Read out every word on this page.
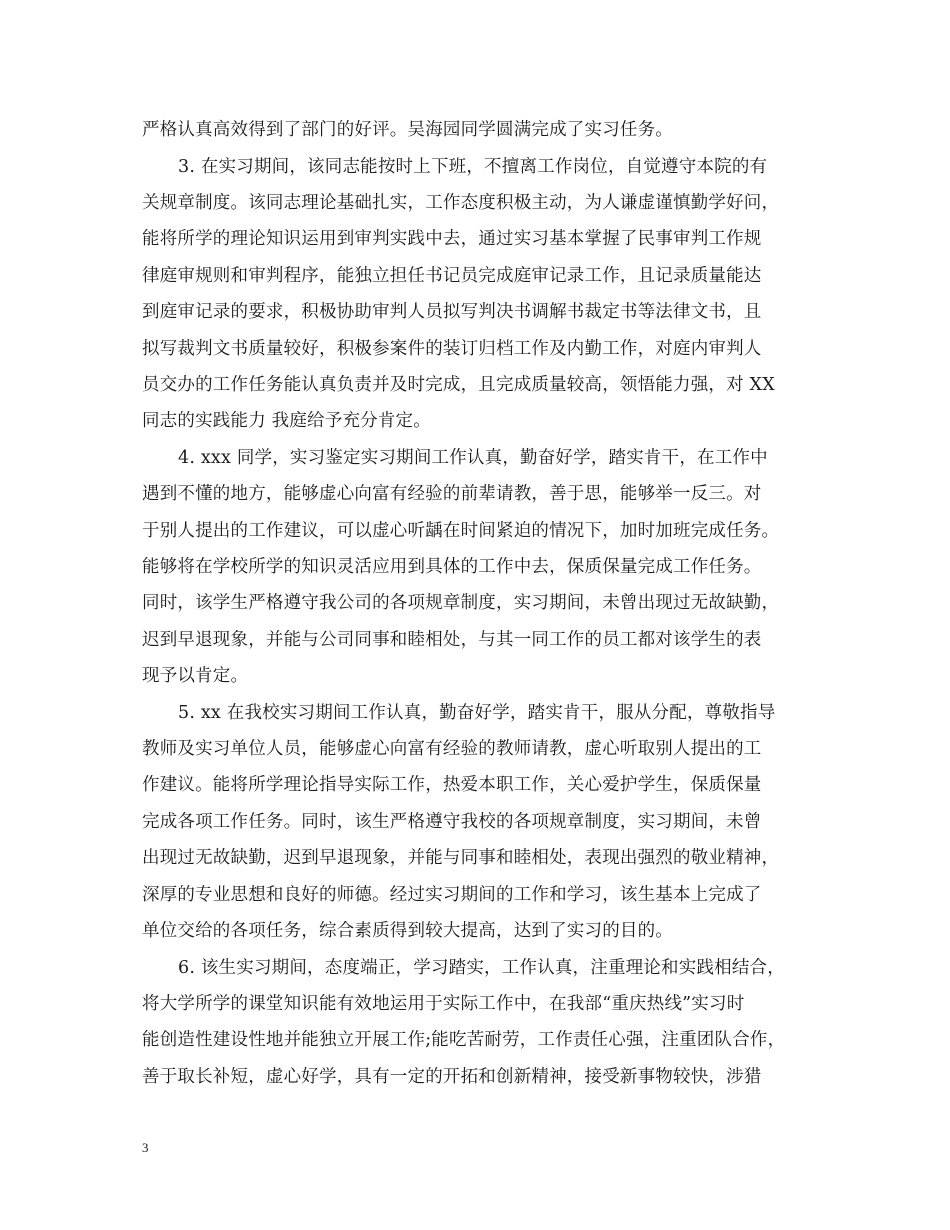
严格认真高效得到了部门的好评。吴海园同学圆满完成了实习任务。
3. 在实习期间，该同志能按时上下班，不擅离工作岗位，自觉遵守本院的有
关规章制度。该同志理论基础扎实，工作态度积极主动，为人谦虚谨慎勤学好问，
能将所学的理论知识运用到审判实践中去，通过实习基本掌握了民事审判工作规
律庭审规则和审判程序，能独立担任书记员完成庭审记录工作，且记录质量能达
到庭审记录的要求，积极协助审判人员拟写判决书调解书裁定书等法律文书，且
拟写裁判文书质量较好，积极参案件的装订归档工作及内勤工作，对庭内审判人
员交办的工作任务能认真负责并及时完成，且完成质量较高，领悟能力强，对 XX
同志的实践能力 我庭给予充分肯定。
4. xxx 同学，实习鉴定实习期间工作认真，勤奋好学，踏实肯干，在工作中
遇到不懂的地方，能够虚心向富有经验的前辈请教，善于思，能够举一反三。对
于别人提出的工作建议，可以虚心听龋在时间紧迫的情况下，加时加班完成任务。
能够将在学校所学的知识灵活应用到具体的工作中去，保质保量完成工作任务。
同时，该学生严格遵守我公司的各项规章制度，实习期间，未曾出现过无故缺勤，
迟到早退现象，并能与公司同事和睦相处，与其一同工作的员工都对该学生的表
现予以肯定。
5. xx 在我校实习期间工作认真，勤奋好学，踏实肯干，服从分配，尊敬指导
教师及实习单位人员，能够虚心向富有经验的教师请教，虚心听取别人提出的工
作建议。能将所学理论指导实际工作，热爱本职工作，关心爱护学生，保质保量
完成各项工作任务。同时，该生严格遵守我校的各项规章制度，实习期间，未曾
出现过无故缺勤，迟到早退现象，并能与同事和睦相处，表现出强烈的敬业精神，
深厚的专业思想和良好的师德。经过实习期间的工作和学习，该生基本上完成了
单位交给的各项任务，综合素质得到较大提高，达到了实习的目的。
6. 该生实习期间，态度端正，学习踏实，工作认真，注重理论和实践相结合，
将大学所学的课堂知识能有效地运用于实际工作中，在我部“重庆热线”实习时
能创造性建设性地并能独立开展工作;能吃苦耐劳，工作责任心强，注重团队合作，
善于取长补短，虚心好学，具有一定的开拓和创新精神，接受新事物较快，涉猎
3
